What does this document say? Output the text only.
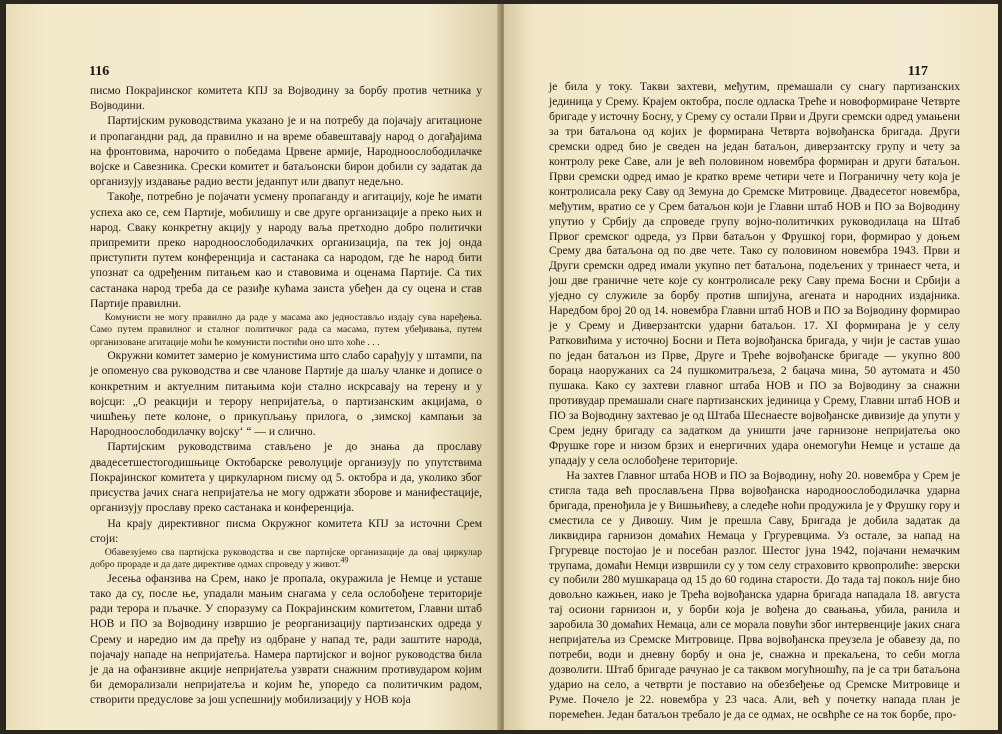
116

писмо Покрајинског комитета КПЈ за Војводину за борбу против четника у Војводини.

Партијским руководствима указано је и на потребу да појачају агитационе и пропагандни рад, да правилно и на време обавештавају народ о догађајима на фронтовима, нарочито о победама Црвене армије, Народноослободилачке војске и Савезника. Срески комитет и батаљонски бирои добили су задатак да организују издавање радио вести једанпут или двапут недељно.

Такође, потребно је појачати усмену пропаганду и агитацију, које ће имати успеха ако се, сем Партије, мобилишу и све друге организације а преко њих и народ. Сваку конкретну акцију у народу ваља претходно добро политички припремити преко народноослободилачких организација, па тек јој онда приступити путем конференција и састанака са народом, где ће народ бити упознат са одређеним питањем као и ставовима и оценама Партије. Са тих састанака народ треба да се разиђе кућама заиста убеђен да су оцена и став Партије правилни.

Комунисти не могу правилно да раде у масама ако једностављо издају сува наређења. Само путем правилног и сталног политичког рада са масама, путем убеђивања, путем организоване агитације моћи ће комунисти постићи оно што хоће . . .

Окружни комитет замерио је комунистима што слабо сарађују у штампи, па је опоменуо сва руководства и све чланове Партије да шаљу чланке и дописе о конкретним и актуелним питањима који стално искрсавају на терену и у војсци: „О реакцији и терору непријатеља, о партизанским акцијама, о чишћењу пете колоне, о прикупљању прилога, о ,зимској кампањи за Народноослободилачку војску‘ “ — и слично.

Партијским руководствима стављено је до знања да прославу двадесетшестогодишњице Октобарске револуције организују по упутствима Покрајинског комитета у циркуларном писму од 5. октобра и да, уколико због присуства јачих снага непријатеља не могу одржати зборове и манифестације, организују прославу преко састанака и конференција.

На крају директивног писма Окружног комитета КПЈ за источни Срем стоји:

Обавезујемо сва партијска руководства и све партијске организације да овај циркулар добро прораде и да дате директиве одмах спроведу у живот.$^{49}$

Јесења офанзива на Срем, иако је пропала, окуражила је Немце и усташе тако да су, после ње, упадали мањим снагама у села ослобођене територије ради терора и пљачке. У споразуму са Покрајинским комитетом, Главни штаб НОВ и ПО за Војводину извршио је реорганизацију партизанских одреда у Срему и наредио им да пређу из одбране у напад те, ради заштите народа, појачају нападе на непријатеља. Намера партијског и војног руководства била је да на офанзивне акције непријатеља узврати снажним противударом којим би деморализали непријатеља и којим ће, упоредо са политичким радом, створити предуслове за још успешнију мобилизацију у НОВ која

117

је била у току. Такви захтеви, међутим, премашали су снагу партизанских јединица у Срему. Крајем октобра, после одласка Треће и новоформиране Четврте бригаде у источну Босну, у Срему су остали Први и Други сремски одред умањени за три батаљона од којих је формирана Четврта војвођанска бригада. Други сремски одред био је сведен на један батаљон, диверзантску групу и чету за контролу реке Саве, али је већ половином новембра формиран и други батаљон. Први сремски одред имао је кратко време четири чете и Пограничну чету која је контролисала реку Саву од Земуна до Сремске Митровице. Двадесетог новембра, међутим, вратио се у Срем батаљон који је Главни штаб НОВ и ПО за Војводину упутио у Србију да спроведе групу војно-политичких руководилаца на Штаб Првог сремског одреда, уз Први батаљон у Фрушкој гори, формирао у доњем Срему два батаљона од по две чете. Тако су половином новембра 1943. Први и Други сремски одред имали укупно пет батаљона, подељених у тринаест чета, и још две граничне чете које су контролисале реку Саву према Босни и Србији а уједно су служиле за борбу против шпијуна, агената и народних издајника. Наредбом број 20 од 14. новембра Главни штаб НОВ и ПО за Војводину формирао је у Срему и Диверзантски ударни батаљон. 17. XI формирана је у селу Ратковићима у источној Босни и Пета војвођанска бригада, у чији је састав ушао по један батаљон из Прве, Друге и Треће војвођанске бригаде — укупно 800 бораца наоружаних са 24 пушкомитраљеза, 2 бацача мина, 50 аутомата и 450 пушака. Како су захтеви главног штаба НОВ и ПО за Војводину за снажни противудар премашали снаге партизанских јединица у Срему, Главни штаб НОВ и ПО за Војводину захтевао је од Штаба Шеснаесте војвођанске дивизије да упути у Срем једну бригаду са задатком да уништи јаче гарнизоне непријатеља око Фрушке горе и низом брзих и енергичних удара онемогући Немце и усташе да упадају у села ослобођене територије.

На захтев Главног штаба НОВ и ПО за Војводину, ноћу 20. новембра у Срем је стигла тада већ прослављена Прва војвођанска народноослободилачка ударна бригада, пренођила је у Вишњићеву, а следеће ноћи продужила је у Фрушку гору и сместила се у Дивошу. Чим је прешла Саву, Бригада је добила задатак да ликвидира гарнизон домаћих Немаца у Гргуревцима. Уз остале, за напад на Гргуревце постојао је и посебан разлог. Шестог јуна 1942, појачани немачким трупама, домаћи Немци извршили су у том селу страховито крвопролиће: зверски су побили 280 мушкараца од 15 до 60 година старости. До тада тај покољ није био довољно кажњен, иако је Трећа војвођанска ударна бригада нападала 18. августа тај осиони гарнизон и, у борби која је вођена до свањања, убила, ранила и заробила 30 домаћих Немаца, али се морала повући због интервенције јаких снага непријатеља из Сремске Митровице. Прва војвођанска преузела је обавезу да, по потреби, води и дневну борбу и она је, снажна и прекаљена, то себи могла дозволити. Штаб бригаде рачунао је са таквом могућношћу, па је са три батаљона ударио на село, а четврти је поставио на обезбеђење од Сремске Митровице и Руме. Почело је 22. новембра у 23 часа. Али, већ у почетку напада план је поремећен. Један батаљон требало је да се одмах, не освћрће се на ток борбе, про-
